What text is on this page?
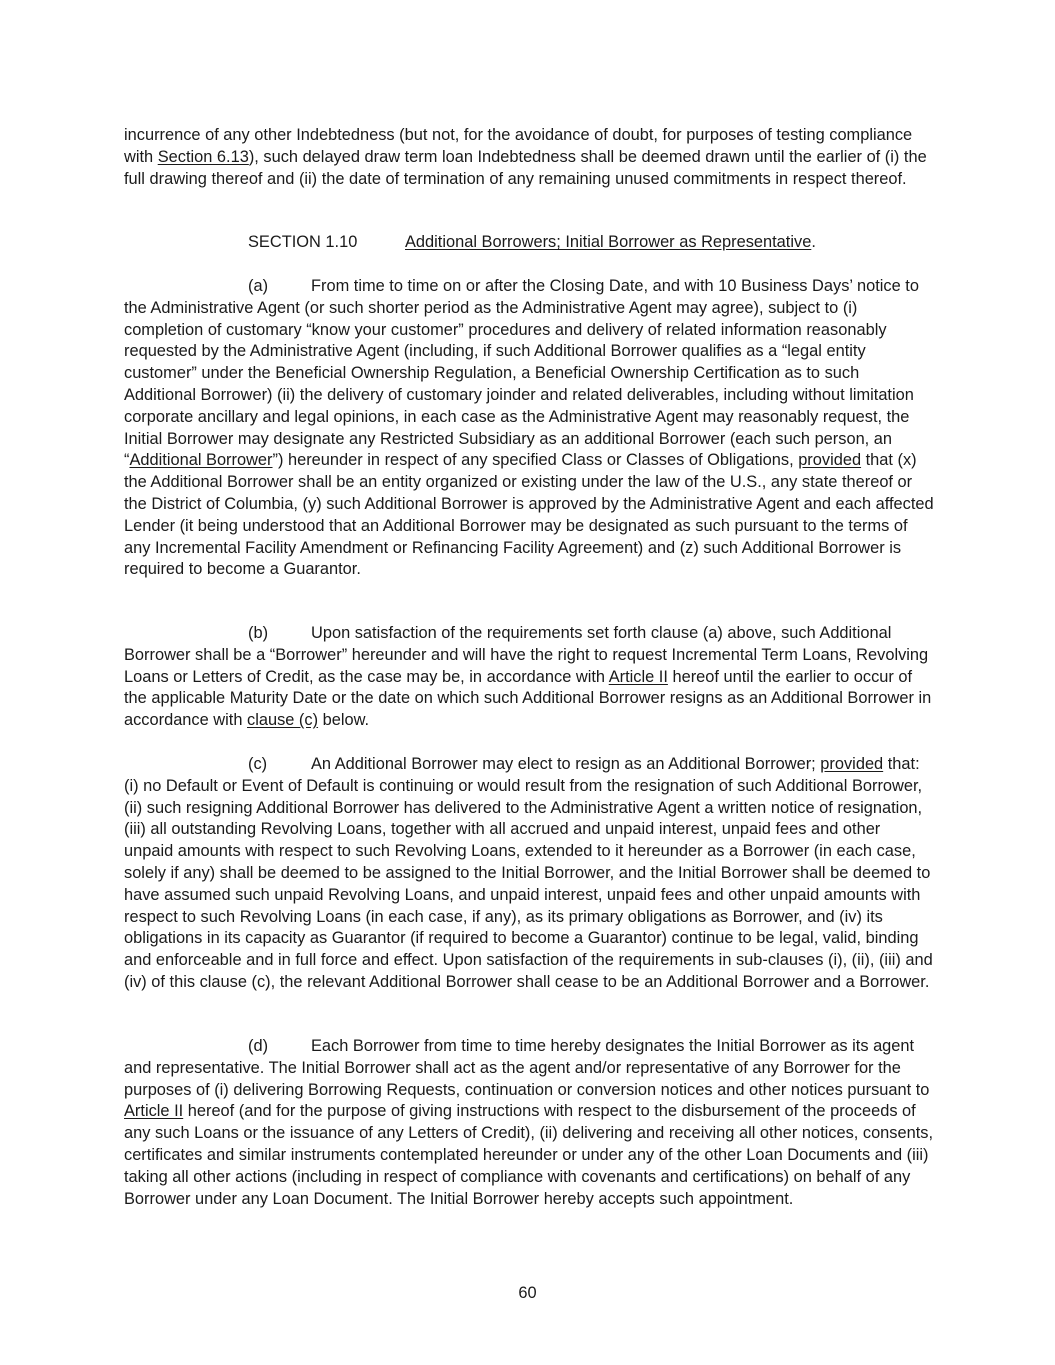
incurrence of any other Indebtedness (but not, for the avoidance of doubt, for purposes of testing compliance with Section 6.13), such delayed draw term loan Indebtedness shall be deemed drawn until the earlier of (i) the full drawing thereof and (ii) the date of termination of any remaining unused commitments in respect thereof.

SECTION 1.10	Additional Borrowers; Initial Borrower as Representative.

(a)	From time to time on or after the Closing Date, and with 10 Business Days’ notice to the Administrative Agent (or such shorter period as the Administrative Agent may agree), subject to (i) completion of customary “know your customer” procedures and delivery of related information reasonably requested by the Administrative Agent (including, if such Additional Borrower qualifies as a “legal entity customer” under the Beneficial Ownership Regulation, a Beneficial Ownership Certification as to such Additional Borrower) (ii) the delivery of customary joinder and related deliverables, including without limitation corporate ancillary and legal opinions, in each case as the Administrative Agent may reasonably request, the Initial Borrower may designate any Restricted Subsidiary as an additional Borrower (each such person, an “Additional Borrower”) hereunder in respect of any specified Class or Classes of Obligations, provided that (x) the Additional Borrower shall be an entity organized or existing under the law of the U.S., any state thereof or the District of Columbia, (y) such Additional Borrower is approved by the Administrative Agent and each affected Lender (it being understood that an Additional Borrower may be designated as such pursuant to the terms of any Incremental Facility Amendment or Refinancing Facility Agreement) and (z) such Additional Borrower is required to become a Guarantor.

(b)	Upon satisfaction of the requirements set forth clause (a) above, such Additional Borrower shall be a “Borrower” hereunder and will have the right to request Incremental Term Loans, Revolving Loans or Letters of Credit, as the case may be, in accordance with Article II hereof until the earlier to occur of the applicable Maturity Date or the date on which such Additional Borrower resigns as an Additional Borrower in accordance with clause (c) below.

(c)	An Additional Borrower may elect to resign as an Additional Borrower; provided that: (i) no Default or Event of Default is continuing or would result from the resignation of such Additional Borrower, (ii) such resigning Additional Borrower has delivered to the Administrative Agent a written notice of resignation, (iii) all outstanding Revolving Loans, together with all accrued and unpaid interest, unpaid fees and other unpaid amounts with respect to such Revolving Loans, extended to it hereunder as a Borrower (in each case, solely if any) shall be deemed to be assigned to the Initial Borrower, and the Initial Borrower shall be deemed to have assumed such unpaid Revolving Loans, and unpaid interest, unpaid fees and other unpaid amounts with respect to such Revolving Loans (in each case, if any), as its primary obligations as Borrower, and (iv) its obligations in its capacity as Guarantor (if required to become a Guarantor) continue to be legal, valid, binding and enforceable and in full force and effect. Upon satisfaction of the requirements in sub-clauses (i), (ii), (iii) and (iv) of this clause (c), the relevant Additional Borrower shall cease to be an Additional Borrower and a Borrower.

(d)	Each Borrower from time to time hereby designates the Initial Borrower as its agent and representative. The Initial Borrower shall act as the agent and/or representative of any Borrower for the purposes of (i) delivering Borrowing Requests, continuation or conversion notices and other notices pursuant to Article II hereof (and for the purpose of giving instructions with respect to the disbursement of the proceeds of any such Loans or the issuance of any Letters of Credit), (ii) delivering and receiving all other notices, consents, certificates and similar instruments contemplated hereunder or under any of the other Loan Documents and (iii) taking all other actions (including in respect of compliance with covenants and certifications) on behalf of any Borrower under any Loan Document. The Initial Borrower hereby accepts such appointment.

60
